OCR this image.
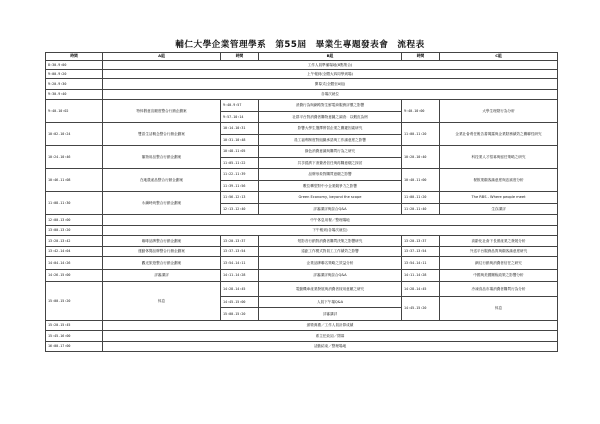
輔仁大學企業管理學系　第55屆　畢業生專題發表會　流程表
時間	A組	時間	B組	時間	C組
8:30-9:00	工作人員準備場地(8點集合)				
9:00-9:20	上午報到(全體大四同學到場)				
9:20-9:30	開幕式(全體至A組)				
9:30-9:40	各場次就位				
9:40-10:02	特休假意宣願度整合行銷企劃案	9:40-9:57	消費行為與網路對生鮮電商服務評價之影響	9:40-10:00	大學生理財行為分析
		9:57-10:14	社群平台對消費者購物意圖之調查：以蝦皮為例		
10:02-10:24	雙語生活概念整合行銷企劃案	10:14-10:31	影響大學生選擇實習企業之關鍵因素研究	11:00-11:20	企業社會責任報告書揭露與企業財務績效之關聯性研究
		10:31-10:48	員工福利制度對組織承諾與工作滿意度之影響		
10:24-10:46	寵物用品整合行銷企劃案	10:48-11:05	綠色消費意識與購買行為之研究	10:20-10:40	科技業人才招募與留任策略之研究
		11:05-11:22	共享經濟下消費者信任與再購意願之探討		
10:46-11:08	在地農產品整合行銷企劃案	11:22-11:39	品牌形象對購買意願之影響	10:40-11:00	餐飲業顧客滿意度與忠誠度分析
		11:39-11:56	數位轉型對中小企業競爭力之影響		
11:08-11:30	永續時尚整合行銷企劃案	11:56-12:13	Green Economy, beyond the scope	11:00-11:20	The RBS - Where people meet
		12:13-12:40	評審講評與綜合Q&A	11:20-11:40	生存講評
12:00-13:00	中午休息用餐／整理場地				
13:00-13:20	下午報到(各場次就位)				
13:20-13:42	咖啡品牌整合行銷企劃案	13:20-13:37	短影音行銷對消費者購買決策之影響研究	13:20-13:37	高齡化社會下長照產業之發展分析
13:42-14:04	運動休閒品牌整合行銷企劃案	13:37-13:54	遠距工作模式對員工工作績效之影響	13:37-13:54	外送平台服務品質與顧客滿意度研究
14:04-14:26	觀光旅遊整合行銷企劃案	13:54-14:11	企業品牌聯名策略之效益分析	13:54-14:11	網紅行銷與消費者信任之研究
14:26-15:00	評審講評	14:11-14:28	評審講評與綜合Q&A	14:11-14:28	中國與美國關稅政策之影響分析
15:00-15:20	休息	14:28-14:45	電動機車產業發展與消費者採用意願之研究	14:28-14:45	冷凍食品市場消費者購買行為分析
		14:45-15:00	人員下午場Q&A	14:45-15:20	休息
		15:00-15:20	評審講評		
15:20-15:45	頒獎典禮／工作人員計算成績				
15:45-16:00	系主任致詞／閉幕				
16:00-17:00	活動結束／整理場地				
